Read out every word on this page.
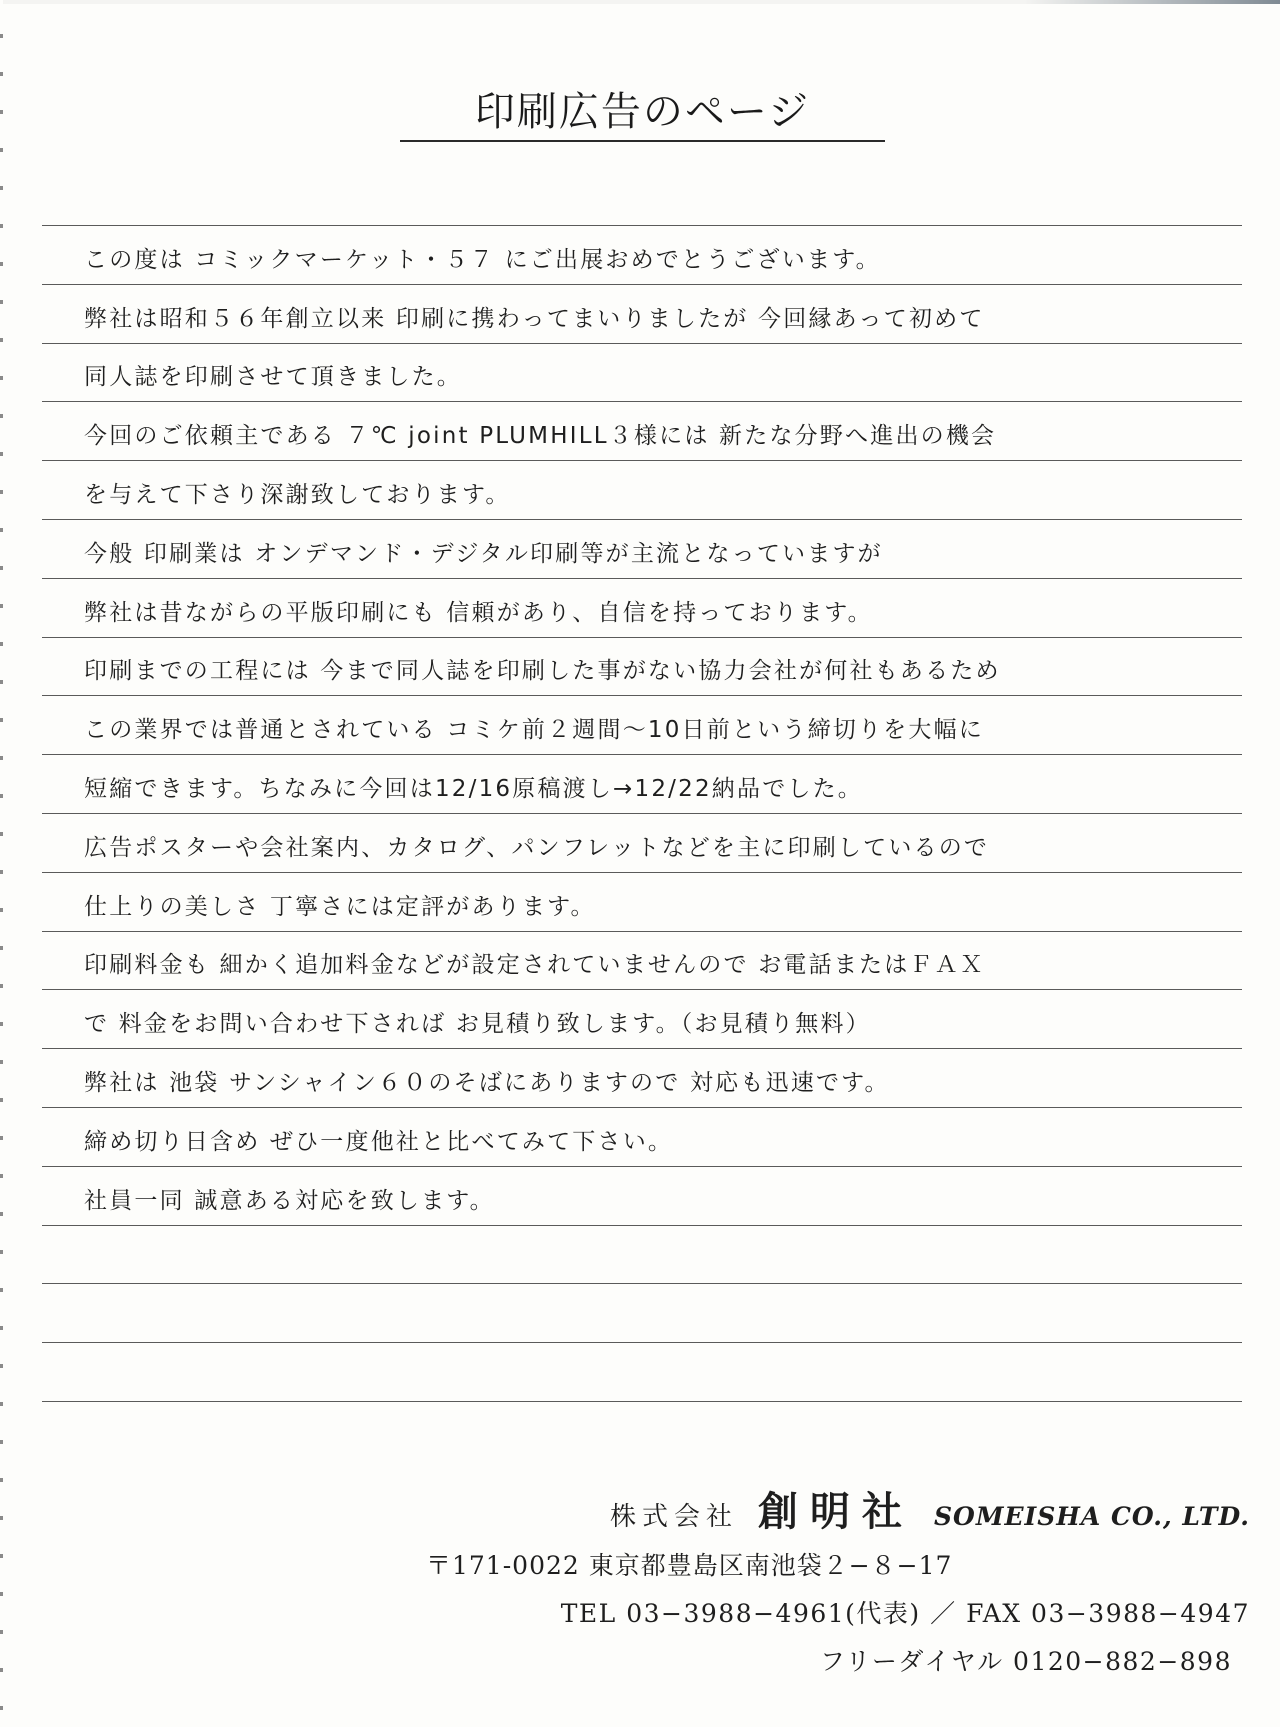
印刷広告のページ
この度は コミックマーケット・５７ にご出展おめでとうございます。
弊社は昭和５６年創立以来 印刷に携わってまいりましたが 今回縁あって初めて
同人誌を印刷させて頂きました。
今回のご依頼主である ７℃ joint PLUMHILL３様には 新たな分野へ進出の機会
を与えて下さり深謝致しております。
今般 印刷業は オンデマンド・デジタル印刷等が主流となっていますが
弊社は昔ながらの平版印刷にも 信頼があり、自信を持っております。
印刷までの工程には 今まで同人誌を印刷した事がない協力会社が何社もあるため
この業界では普通とされている コミケ前２週間～10日前という締切りを大幅に
短縮できます。ちなみに今回は12/16原稿渡し→12/22納品でした。
広告ポスターや会社案内、カタログ、パンフレットなどを主に印刷しているので
仕上りの美しさ 丁寧さには定評があります。
印刷料金も 細かく追加料金などが設定されていませんので お電話またはＦＡＸ
で 料金をお問い合わせ下されば お見積り致します。（お見積り無料）
弊社は 池袋 サンシャイン６０のそばにありますので 対応も迅速です。
締め切り日含め ぜひ一度他社と比べてみて下さい。
社員一同 誠意ある対応を致します。
株式会社 創明社 SOMEISHA CO., LTD.
〒171-0022 東京都豊島区南池袋２−８−17
TEL 03−3988−4961(代表) ／ FAX 03−3988−4947
フリーダイヤル 0120−882−898
